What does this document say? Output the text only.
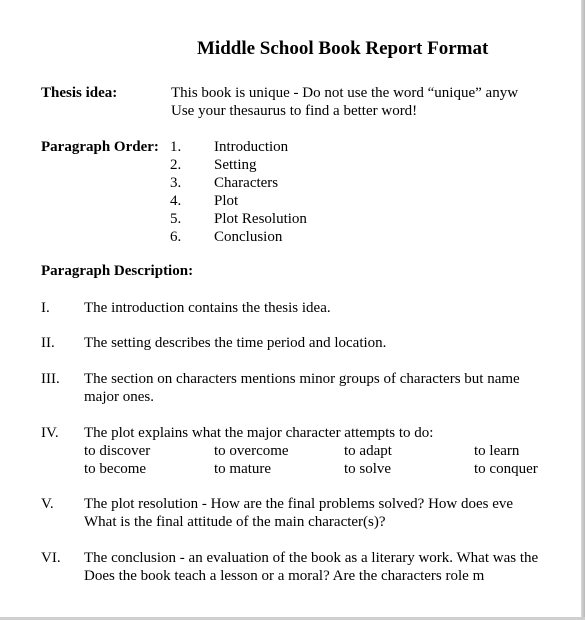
Middle School Book Report Format
Thesis idea:	This book is unique - Do not use the word “unique” anyw
Use your thesaurus to find a better word!
Paragraph Order: 1. Introduction
2. Setting
3. Characters
4. Plot
5. Plot Resolution
6. Conclusion
Paragraph Description:
I. The introduction contains the thesis idea.
II. The setting describes the time period and location.
III. The section on characters mentions minor groups of characters but name
major ones.
IV. The plot explains what the major character attempts to do:
to discover	to overcome	to adapt	to learn
to become	to mature	to solve	to conquer
V. The plot resolution - How are the final problems solved? How does eve
What is the final attitude of the main character(s)?
VI. The conclusion - an evaluation of the book as a literary work. What was the
Does the book teach a lesson or a moral? Are the characters role m
